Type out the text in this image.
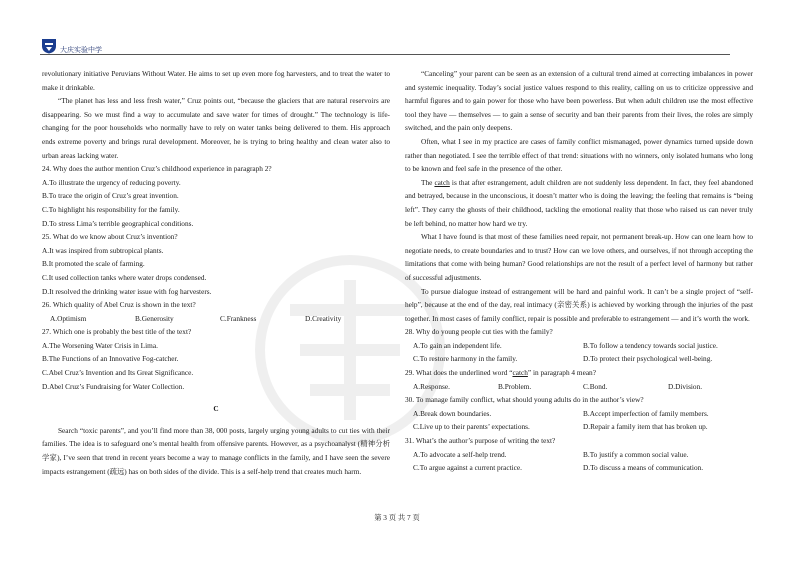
大庆实验中学

revolutionary initiative Peruvians Without Water. He aims to set up even more fog harvesters, and to treat the water to make it drinkable.

“The planet has less and less fresh water,” Cruz points out, “because the glaciers that are natural reservoirs are disappearing. So we must find a way to accumulate and save water for times of drought.” The technology is life-changing for the poor households who normally have to rely on water tanks being delivered to them. His approach ends extreme poverty and brings rural development. Moreover, he is trying to bring healthy and clean water also to urban areas lacking water.

24. Why does the author mention Cruz’s childhood experience in paragraph 2?

A.To illustrate the urgency of reducing poverty.

B.To trace the origin of Cruz’s great invention.

C.To highlight his responsibility for the family.

D.To stress Lima’s terrible geographical conditions.

25. What do we know about Cruz’s invention?

A.It was inspired from subtropical plants.

B.It promoted the scale of farming.

C.It used collection tanks where water drops condensed.

D.It resolved the drinking water issue with fog harvesters.

26. Which quality of Abel Cruz is shown in the text?

A.Optimism	B.Generosity	C.Frankness	D.Creativity

27. Which one is probably the best title of the text?

A.The Worsening Water Crisis in Lima.

B.The Functions of an Innovative Fog-catcher.

C.Abel Cruz’s Invention and Its Great Significance.

D.Abel Cruz’s Fundraising for Water Collection.

C

Search “toxic parents”, and you’ll find more than 38, 000 posts, largely urging young adults to cut ties with their families. The idea is to safeguard one’s mental health from offensive parents. However, as a psychoanalyst (精神分析学家), I’ve seen that trend in recent years become a way to manage conflicts in the family, and I have seen the severe impacts estrangement (疏远) has on both sides of the divide. This is a self-help trend that creates much harm.

“Canceling” your parent can be seen as an extension of a cultural trend aimed at correcting imbalances in power and systemic inequality. Today’s social justice values respond to this reality, calling on us to criticize oppressive and harmful figures and to gain power for those who have been powerless. But when adult children use the most effective tool they have — themselves — to gain a sense of security and ban their parents from their lives, the roles are simply switched, and the pain only deepens.

Often, what I see in my practice are cases of family conflict mismanaged, power dynamics turned upside down rather than negotiated. I see the terrible effect of that trend: situations with no winners, only isolated humans who long to be known and feel safe in the presence of the other.

The catch is that after estrangement, adult children are not suddenly less dependent. In fact, they feel abandoned and betrayed, because in the unconscious, it doesn’t matter who is doing the leaving; the feeling that remains is “being left”. They carry the ghosts of their childhood, tackling the emotional reality that those who raised us can never truly be left behind, no matter how hard we try.

What I have found is that most of these families need repair, not permanent break-up. How can one learn how to negotiate needs, to create boundaries and to trust? How can we love others, and ourselves, if not through accepting the limitations that come with being human? Good relationships are not the result of a perfect level of harmony but rather of successful adjustments.

To pursue dialogue instead of estrangement will be hard and painful work. It can’t be a single project of “self-help”, because at the end of the day, real intimacy (亲密关系) is achieved by working through the injuries of the past together. In most cases of family conflict, repair is possible and preferable to estrangement — and it’s worth the work.

28. Why do young people cut ties with the family?

A.To gain an independent life.	B.To follow a tendency towards social justice.
C.To restore harmony in the family.	D.To protect their psychological well-being.

29. What does the underlined word “catch” in paragraph 4 mean?

A.Response.	B.Problem.	C.Bond.	D.Division.

30. To manage family conflict, what should young adults do in the author’s view?

A.Break down boundaries.	B.Accept imperfection of family members.
C.Live up to their parents’ expectations.	D.Repair a family item that has broken up.

31. What’s the author’s purpose of writing the text?

A.To advocate a self-help trend.	B.To justify a common social value.
C.To argue against a current practice.	D.To discuss a means of communication.
第 3 页 共 7 页
